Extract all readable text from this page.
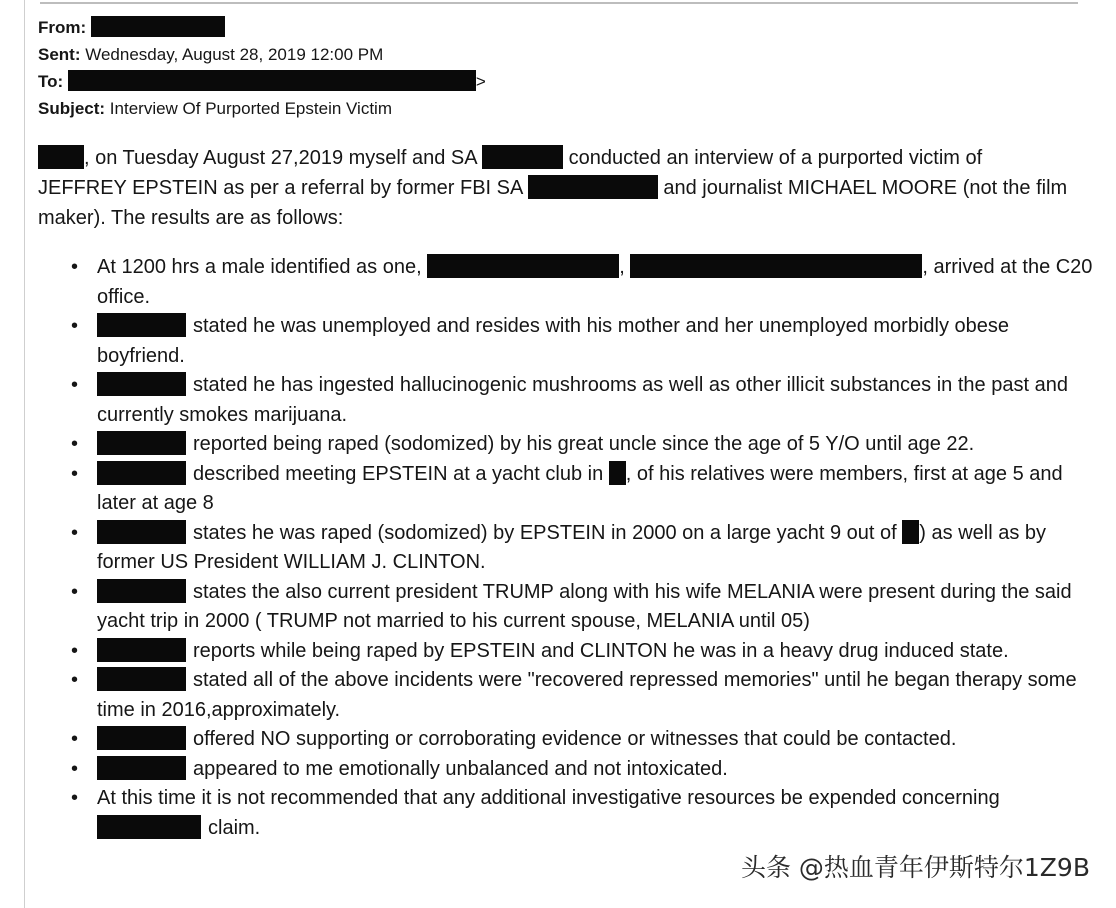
From:
Sent: Wednesday, August 28, 2019 12:00 PM
To:	>
Subject: Interview Of Purported Epstein Victim
, on Tuesday August 27,2019 myself and SA	conducted an interview of a purported victim of JEFFREY EPSTEIN as per a referral by former FBI SA	and journalist MICHAEL MOORE (not the film maker). The results are as follows:
• At 1200 hrs a male identified as one,	,	, arrived at the C20 office.
•	stated he was unemployed and resides with his mother and her unemployed morbidly obese boyfriend.
•	stated he has ingested hallucinogenic mushrooms as well as other illicit substances in the past and currently smokes marijuana.
•	reported being raped (sodomized) by his great uncle since the age of 5 Y/O until age 22.
•	described meeting EPSTEIN at a yacht club in , of his relatives were members, first at age 5 and later at age 8
•	states he was raped (sodomized) by EPSTEIN in 2000 on a large yacht 9 out of ) as well as by former US President WILLIAM J. CLINTON.
•	states the also current president TRUMP along with his wife MELANIA were present during the said yacht trip in 2000 ( TRUMP not married to his current spouse, MELANIA until 05)
•	reports while being raped by EPSTEIN and CLINTON he was in a heavy drug induced state.
•	stated all of the above incidents were "recovered repressed memories" until he began therapy some time in 2016,approximately.
•	offered NO supporting or corroborating evidence or witnesses that could be contacted.
•	appeared to me emotionally unbalanced and not intoxicated.
• At this time it is not recommended that any additional investigative resources be expended concerning claim.
头条 @热血青年伊斯特尔1Z9B
